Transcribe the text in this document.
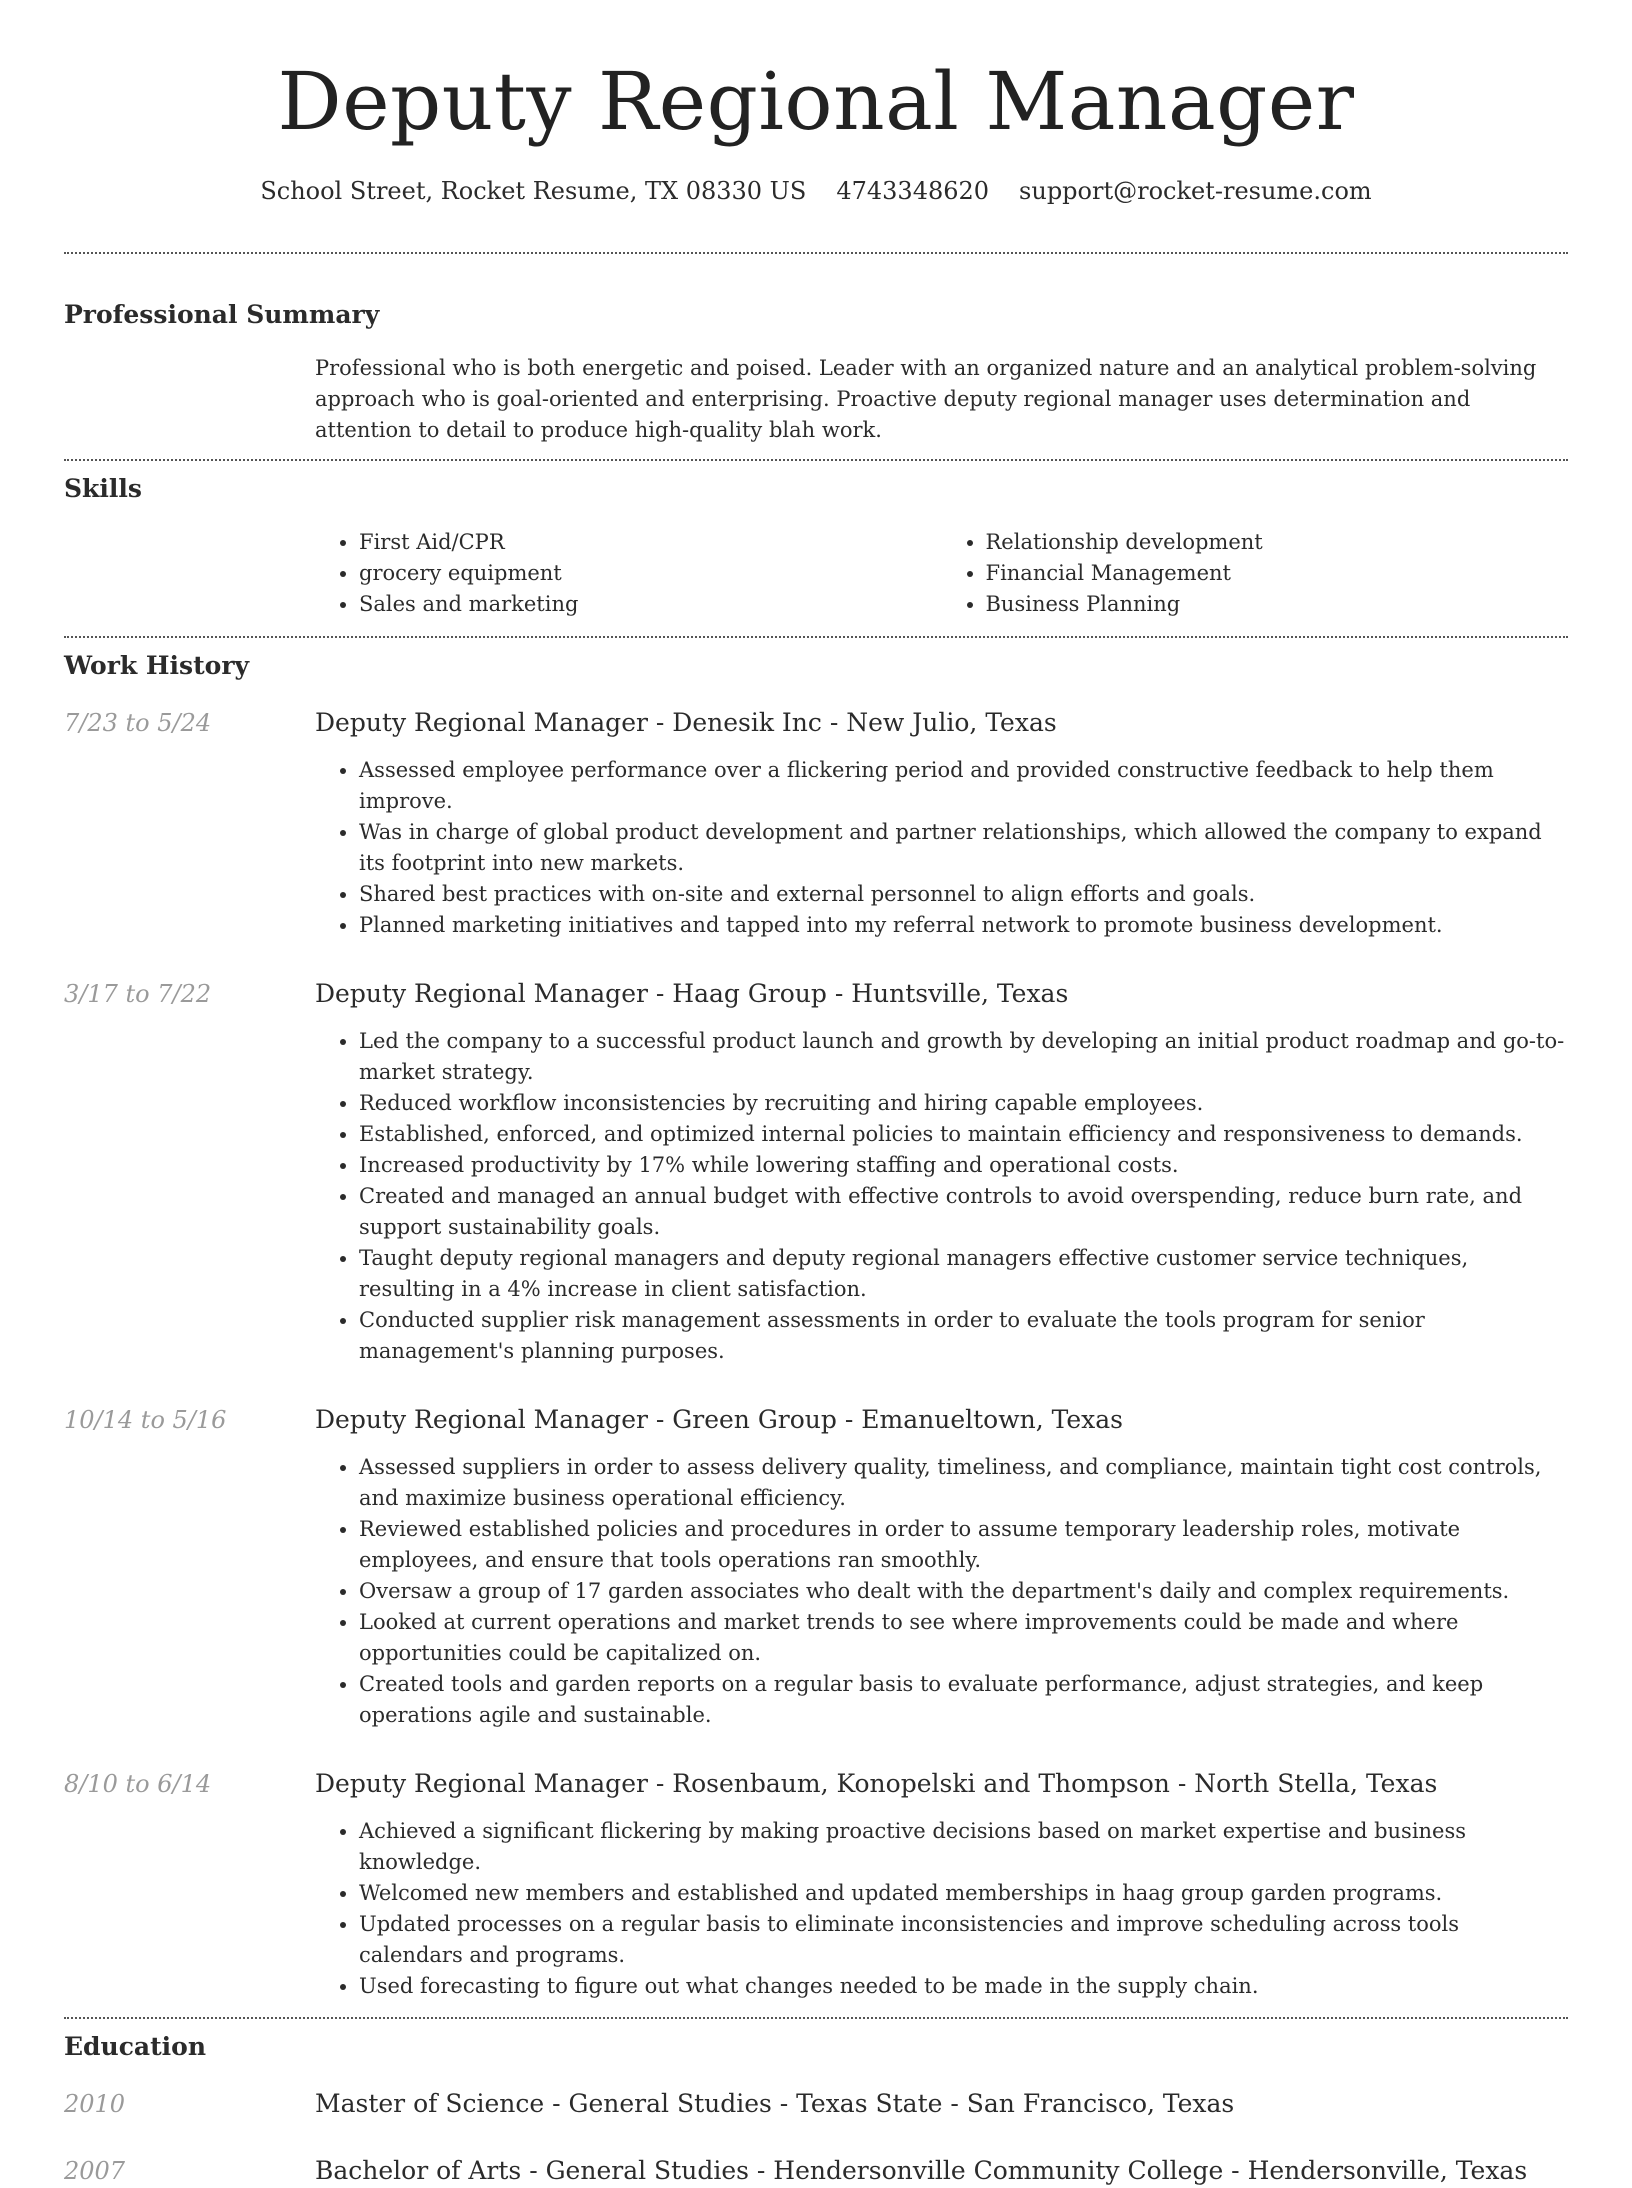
Deputy Regional Manager
School Street, Rocket Resume, TX 08330 US 4743348620 support@rocket-resume.com
Professional Summary

Professional who is both energetic and poised. Leader with an organized nature and an analytical problem-solving approach who is goal-oriented and enterprising. Proactive deputy regional manager uses determination and attention to detail to produce high-quality blah work.

Skills
• First Aid/CPR
• grocery equipment
• Sales and marketing
• Relationship development
• Financial Management
• Business Planning
Work History
7/23 to 5/24	Deputy Regional Manager - Denesik Inc - New Julio, Texas
• Assessed employee performance over a flickering period and provided constructive feedback to help them improve.
• Was in charge of global product development and partner relationships, which allowed the company to expand its footprint into new markets.
• Shared best practices with on-site and external personnel to align efforts and goals.
• Planned marketing initiatives and tapped into my referral network to promote business development.
3/17 to 7/22	Deputy Regional Manager - Haag Group - Huntsville, Texas
• Led the company to a successful product launch and growth by developing an initial product roadmap and go-to-market strategy.
• Reduced workflow inconsistencies by recruiting and hiring capable employees.
• Established, enforced, and optimized internal policies to maintain efficiency and responsiveness to demands.
• Increased productivity by 17% while lowering staffing and operational costs.
• Created and managed an annual budget with effective controls to avoid overspending, reduce burn rate, and support sustainability goals.
• Taught deputy regional managers and deputy regional managers effective customer service techniques, resulting in a 4% increase in client satisfaction.
• Conducted supplier risk management assessments in order to evaluate the tools program for senior management's planning purposes.
10/14 to 5/16	Deputy Regional Manager - Green Group - Emanueltown, Texas
• Assessed suppliers in order to assess delivery quality, timeliness, and compliance, maintain tight cost controls, and maximize business operational efficiency.
• Reviewed established policies and procedures in order to assume temporary leadership roles, motivate employees, and ensure that tools operations ran smoothly.
• Oversaw a group of 17 garden associates who dealt with the department's daily and complex requirements.
• Looked at current operations and market trends to see where improvements could be made and where opportunities could be capitalized on.
• Created tools and garden reports on a regular basis to evaluate performance, adjust strategies, and keep operations agile and sustainable.
8/10 to 6/14	Deputy Regional Manager - Rosenbaum, Konopelski and Thompson - North Stella, Texas
• Achieved a significant flickering by making proactive decisions based on market expertise and business knowledge.
• Welcomed new members and established and updated memberships in haag group garden programs.
• Updated processes on a regular basis to eliminate inconsistencies and improve scheduling across tools calendars and programs.
• Used forecasting to figure out what changes needed to be made in the supply chain.
Education
2010	Master of Science - General Studies - Texas State - San Francisco, Texas
2007	Bachelor of Arts - General Studies - Hendersonville Community College - Hendersonville, Texas
